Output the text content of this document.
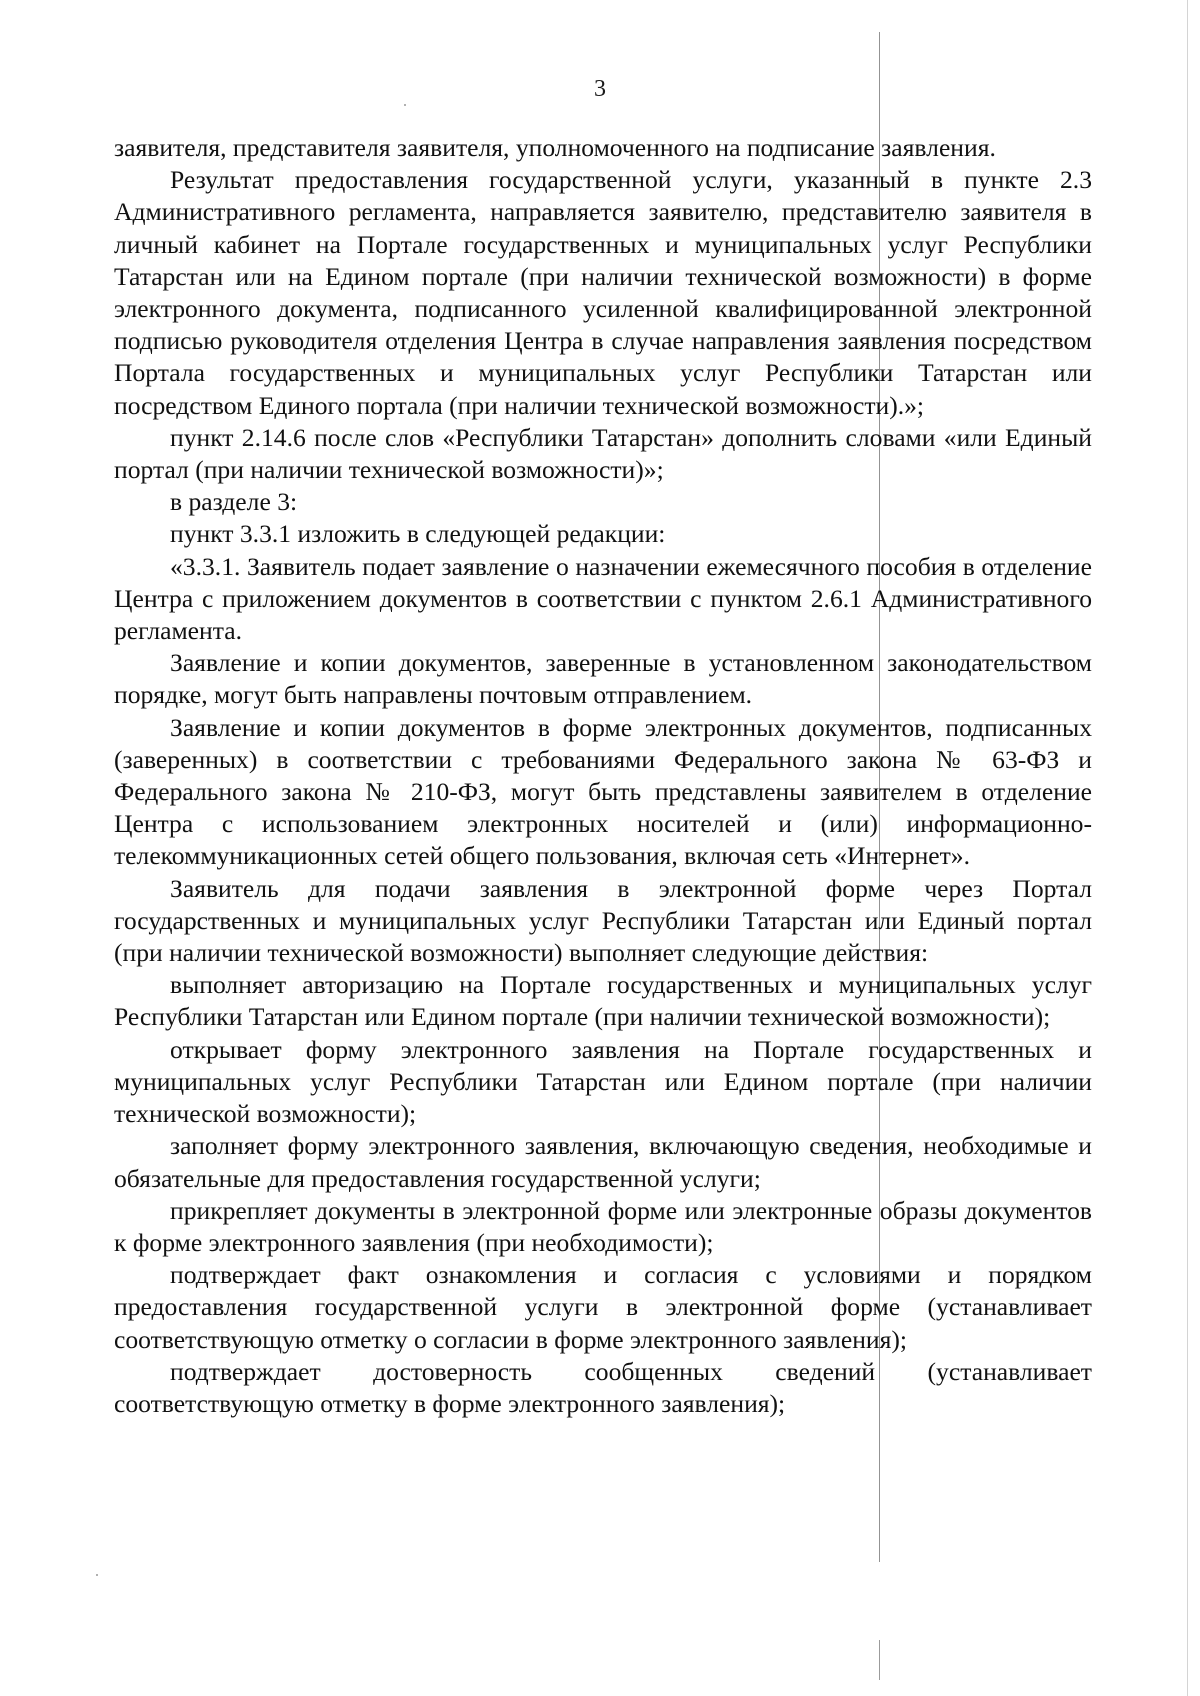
3

заявителя, представителя заявителя, уполномоченного на подписание заявления.

Результат предоставления государственной услуги, указанный в пункте 2.3 Административного регламента, направляется заявителю, представителю заявителя в личный кабинет на Портале государственных и муниципальных услуг Республики Татарстан или на Едином портале (при наличии технической возможности) в форме электронного документа, подписанного усиленной квалифицированной электронной подписью руководителя отделения Центра в случае направления заявления посредством Портала государственных и муниципальных услуг Республики Татарстан или посредством Единого портала (при наличии технической возможности).»;

пункт 2.14.6 после слов «Республики Татарстан» дополнить словами «или Единый портал (при наличии технической возможности)»;

в разделе 3:

пункт 3.3.1 изложить в следующей редакции:

«3.3.1. Заявитель подает заявление о назначении ежемесячного пособия в отделение Центра с приложением документов в соответствии с пунктом 2.6.1 Административного регламента.

Заявление и копии документов, заверенные в установленном законодательством порядке, могут быть направлены почтовым отправлением.

Заявление и копии документов в форме электронных документов, подписанных (заверенных) в соответствии с требованиями Федерального закона № 63-ФЗ и Федерального закона № 210-ФЗ, могут быть представлены заявителем в отделение Центра с использованием электронных носителей и (или) информационно-телекоммуникационных сетей общего пользования, включая сеть «Интернет».

Заявитель для подачи заявления в электронной форме через Портал государственных и муниципальных услуг Республики Татарстан или Единый портал (при наличии технической возможности) выполняет следующие действия:

выполняет авторизацию на Портале государственных и муниципальных услуг Республики Татарстан или Едином портале (при наличии технической возможности);

открывает форму электронного заявления на Портале государственных и муниципальных услуг Республики Татарстан или Едином портале (при наличии технической возможности);

заполняет форму электронного заявления, включающую сведения, необходимые и обязательные для предоставления государственной услуги;

прикрепляет документы в электронной форме или электронные образы документов к форме электронного заявления (при необходимости);

подтверждает факт ознакомления и согласия с условиями и порядком предоставления государственной услуги в электронной форме (устанавливает соответствующую отметку о согласии в форме электронного заявления);

подтверждает достоверность сообщенных сведений (устанавливает соответствующую отметку в форме электронного заявления);
